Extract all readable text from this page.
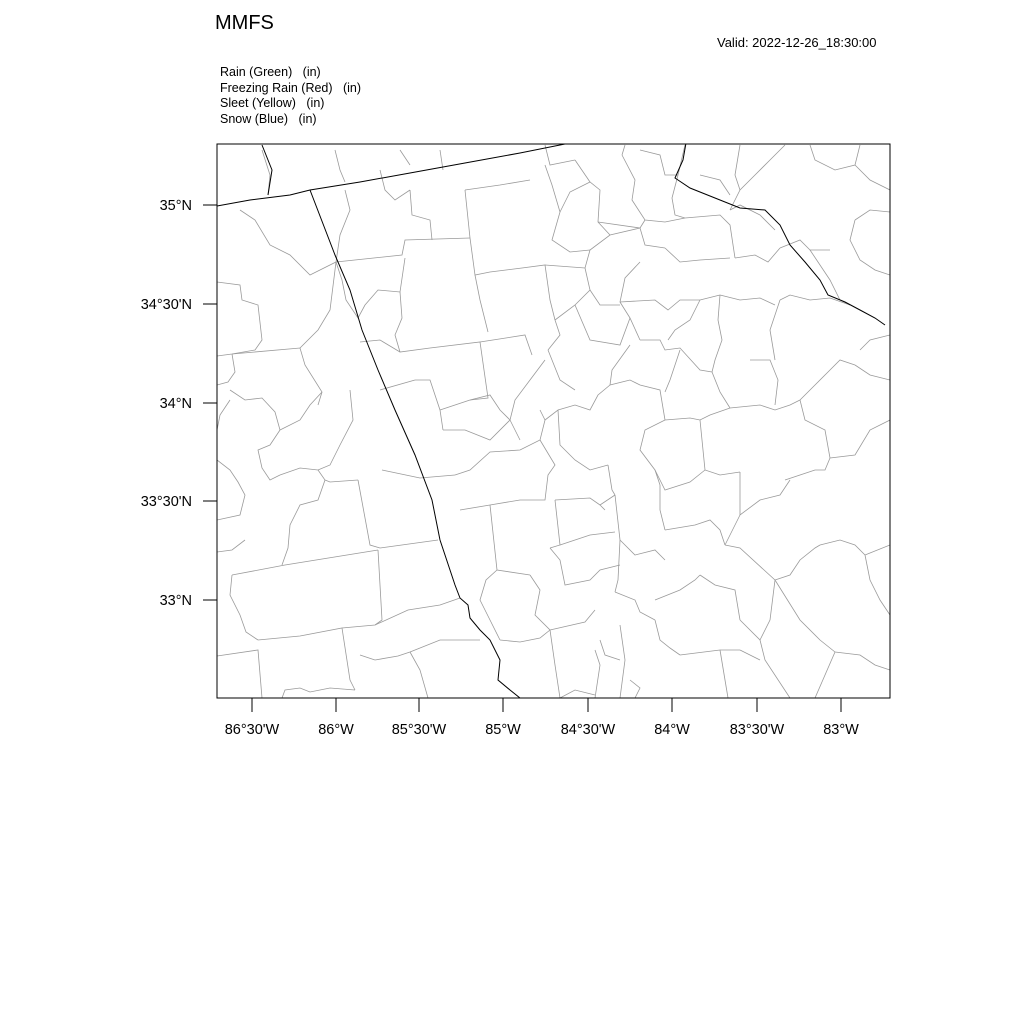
MMFS
Valid: 2022-12-26_18:30:00
Rain (Green)   (in)
Freezing Rain (Red)   (in)
Sleet (Yellow)   (in)
Snow (Blue)   (in)
35°N
34°30'N
34°N
33°30'N
33°N
86°30'W	86°W	85°30'W	85°W	84°30'W	84°W	83°30'W	83°W
